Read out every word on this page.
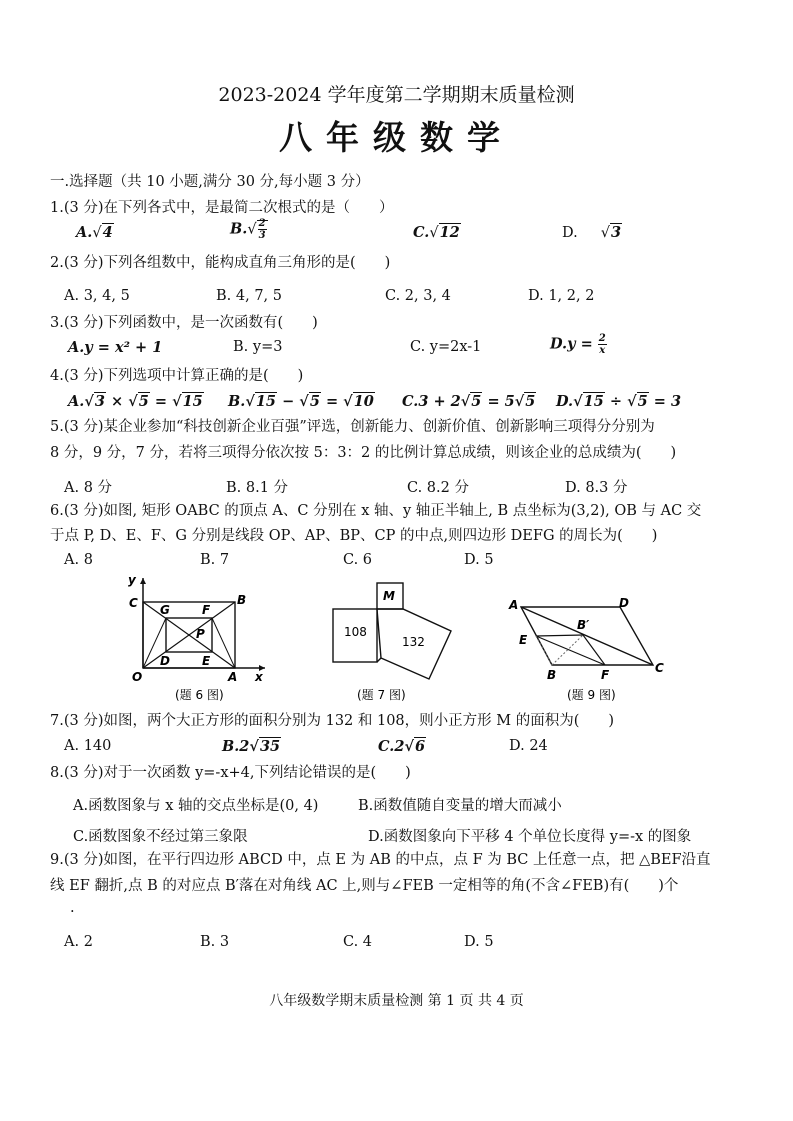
2023-2024 学年度第二学期期末质量检测
八年级数学
一.选择题（共 10 小题,满分 30 分,每小题 3 分）
1.(3 分)在下列各式中，是最简二次根式的是（　　）
A.√4	$B.√ \frac{2}{3}$	C.√12	D.     √3
2.(3 分)下列各组数中，能构成直角三角形的是(　　)
A. 3, 4, 5	B. 4, 7, 5	C. 2, 3, 4	D. 1, 2, 2
3.(3 分)下列函数中，是一次函数有(　　)
A.y = x² + 1	B. y=3	C. y=2x-1	$D.y = \frac{2}{x}$
4.(3 分)下列选项中计算正确的是(　　)
A.√3 × √5 = √15 B.√15 − √5 = √10 C.3 + 2√5 = 5√5 D.√15 ÷ √5 = 3
5.(3 分)某企业参加“科技创新企业百强”评选，创新能力、创新价值、创新影响三项得分分别为
8 分，9 分，7 分，若将三项得分依次按 5：3：2 的比例计算总成绩，则该企业的总成绩为(　　)
A. 8 分	B. 8.1 分	C. 8.2 分	D. 8.3 分
6.(3 分)如图, 矩形 OABC 的顶点 A、C 分别在 x 轴、y 轴正半轴上, B 点坐标为(3,2), OB 与 AC 交
于点 P, D、E、F、G 分别是线段 OP、AP、BP、CP 的中点,则四边形 DEFG 的周长为(　　)
A. 8	B. 7	C. 6	D. 5
y
x
C G	F
B
P
D	E
O	A
(题 6 图)
M
108
132
(题 7 图)
A	D
E
B′
B	F	C
(题 9 图)
7.(3 分)如图，两个大正方形的面积分别为 132 和 108，则小正方形 M 的面积为(　　)
A. 140	B.2√35	C.2√6	D. 24
8.(3 分)对于一次函数 y=-x+4,下列结论错误的是(　　)
A.函数图象与 x 轴的交点坐标是(0, 4)	B.函数值随自变量的增大而减小
C.函数图象不经过第三象限	D.函数图象向下平移 4 个单位长度得 y=-x 的图象
9.(3 分)如图，在平行四边形 ABCD 中，点 E 为 AB 的中点，点 F 为 BC 上任意一点，把 △BEF沿直
线 EF 翻折,点 B 的对应点 B′落在对角线 AC 上,则与∠FEB 一定相等的角(不含∠FEB)有(　　)个
.
A. 2	B. 3	C. 4	D. 5
八年级数学期末质量检测 第 1 页 共 4 页
